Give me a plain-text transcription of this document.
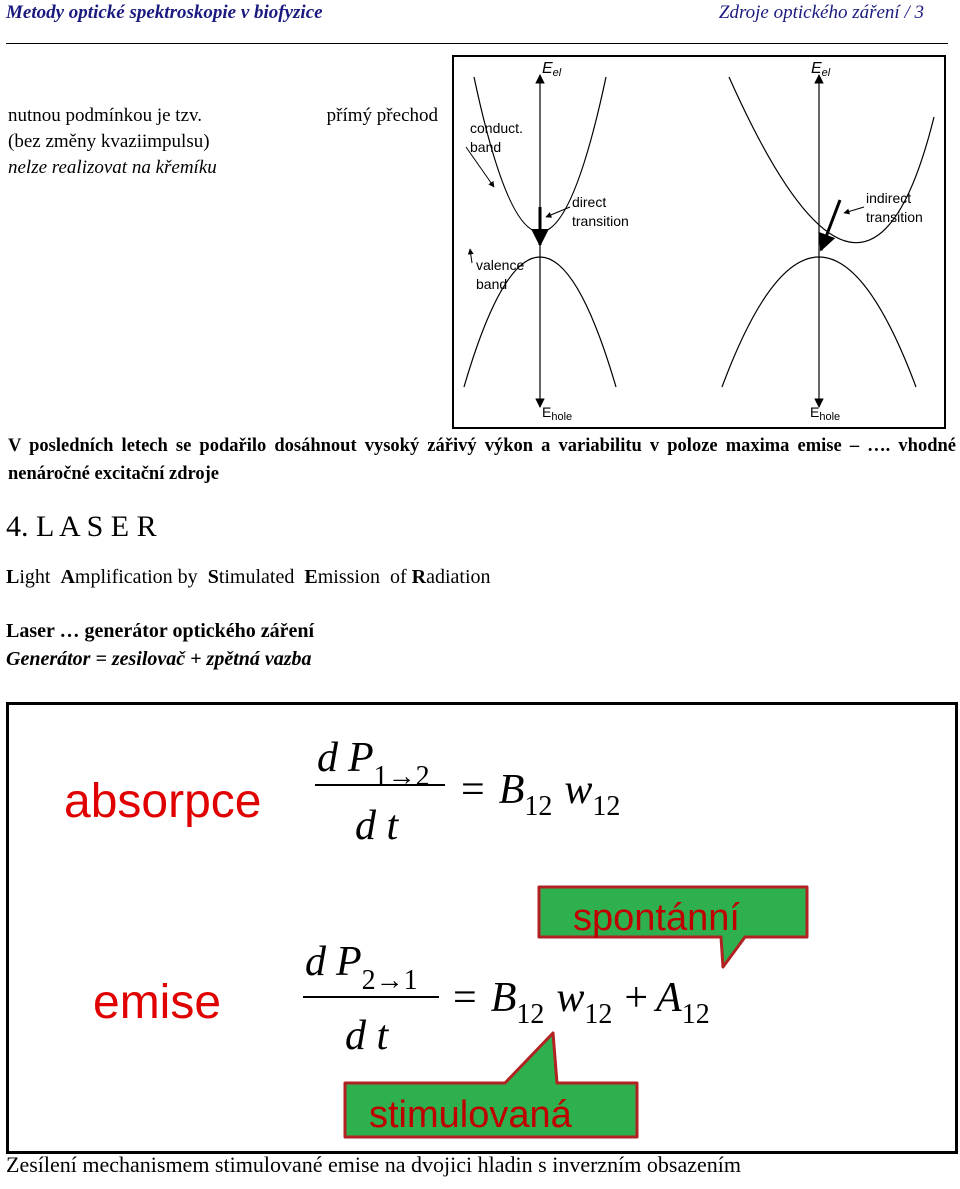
Metody optické spektroskopie v biofyzice	Zdroje optického záření / 3
nutnou podmínkou je tzv.	přímý přechod
(bez změny kvaziimpulsu)
nelze realizovat na křemíku
Eel	Eel
$E_{hole}$	$E_{hole}$
conduct. band
valence band
direct transition
indirect transition
V posledních letech se podařilo dosáhnout vysoký zářivý výkon a variabilitu v poloze maxima emise – …. vhodné nenáročné excitační zdroje
4. L A S E R
Light Amplification by Stimulated Emission of Radiation
Laser … generátor optického záření
Generátor = zesilovač + zpětná vazba
absorpce
d $P_{1\to 2}$
d t
= $B_{12}$ $w_{12}$
spontánní
emise
d $P_{2\to 1}$
d t
= $B_{12}$ $w_{12} + A_{12}$
stimulovaná
Zesílení mechanismem stimulované emise na dvojici hladin s inverzním obsazením
